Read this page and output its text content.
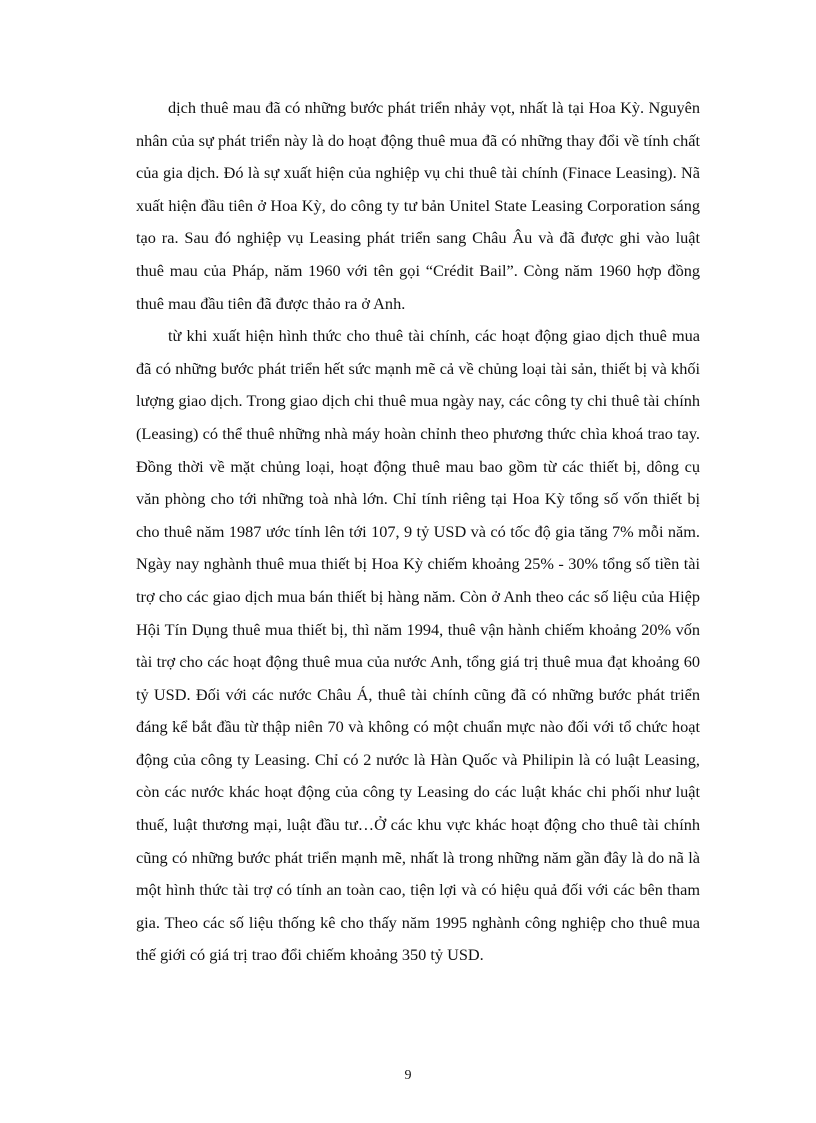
dịch thuê mau đã có những bước phát triển nhảy vọt, nhất là tại Hoa Kỳ. Nguyên nhân của sự phát triển này là do hoạt động thuê mua đã có những thay đổi về tính chất của gia dịch. Đó là sự xuất hiện của nghiệp vụ chi thuê tài chính (Finace Leasing). Nã xuất hiện đầu tiên ở Hoa Kỳ, do công ty tư bản Unitel State Leasing Corporation sáng tạo ra. Sau đó nghiệp vụ Leasing phát triển sang Châu Âu và đã được ghi vào luật thuê mau của Pháp, năm 1960 với tên gọi “Crédit Bail”. Còng năm 1960 hợp đồng thuê mau đầu tiên đã được thảo ra ở Anh.

từ khi xuất hiện hình thức cho thuê tài chính, các hoạt động giao dịch thuê mua đã có những bước phát triển hết sức mạnh mẽ cả về chủng loại tài sản, thiết bị và khối lượng giao dịch. Trong giao dịch chi thuê mua ngày nay, các công ty chi thuê tài chính (Leasing) có thể thuê những nhà máy hoàn chỉnh theo phương thức chìa khoá trao tay. Đồng thời về mặt chủng loại, hoạt động thuê mau bao gồm từ các thiết bị, dông cụ văn phòng cho tới những toà nhà lớn. Chỉ tính riêng tại Hoa Kỳ tổng số vốn thiết bị cho thuê năm 1987 ước tính lên tới 107, 9 tỷ USD và có tốc độ gia tăng 7% mỗi năm. Ngày nay nghành thuê mua thiết bị Hoa Kỳ chiếm khoảng 25% - 30% tổng số tiền tài trợ cho các giao dịch mua bán thiết bị hàng năm. Còn ở Anh theo các số liệu của Hiệp Hội Tín Dụng thuê mua thiết bị, thì năm 1994, thuê vận hành chiếm khoảng 20% vốn tài trợ cho các hoạt động thuê mua của nước Anh, tổng giá trị thuê mua đạt khoảng 60 tỷ USD. Đối với các nước Châu Á, thuê tài chính cũng đã có những bước phát triển đáng kể bắt đầu từ thập niên 70 và không có một chuẩn mực nào đối với tổ chức hoạt động của công ty Leasing. Chỉ có 2 nước là Hàn Quốc và Philipin là có luật Leasing, còn các nước khác hoạt động của công ty Leasing do các luật khác chi phối như luật thuế, luật thương mại, luật đầu tư…Ở các khu vực khác hoạt động cho thuê tài chính cũng có những bước phát triển mạnh mẽ, nhất là trong những năm gần đây là do nã là một hình thức tài trợ có tính an toàn cao, tiện lợi và có hiệu quả đối với các bên tham gia. Theo các số liệu thống kê cho thấy năm 1995 nghành công nghiệp cho thuê mua thế giới có giá trị trao đổi chiếm khoảng 350 tỷ USD.

9
